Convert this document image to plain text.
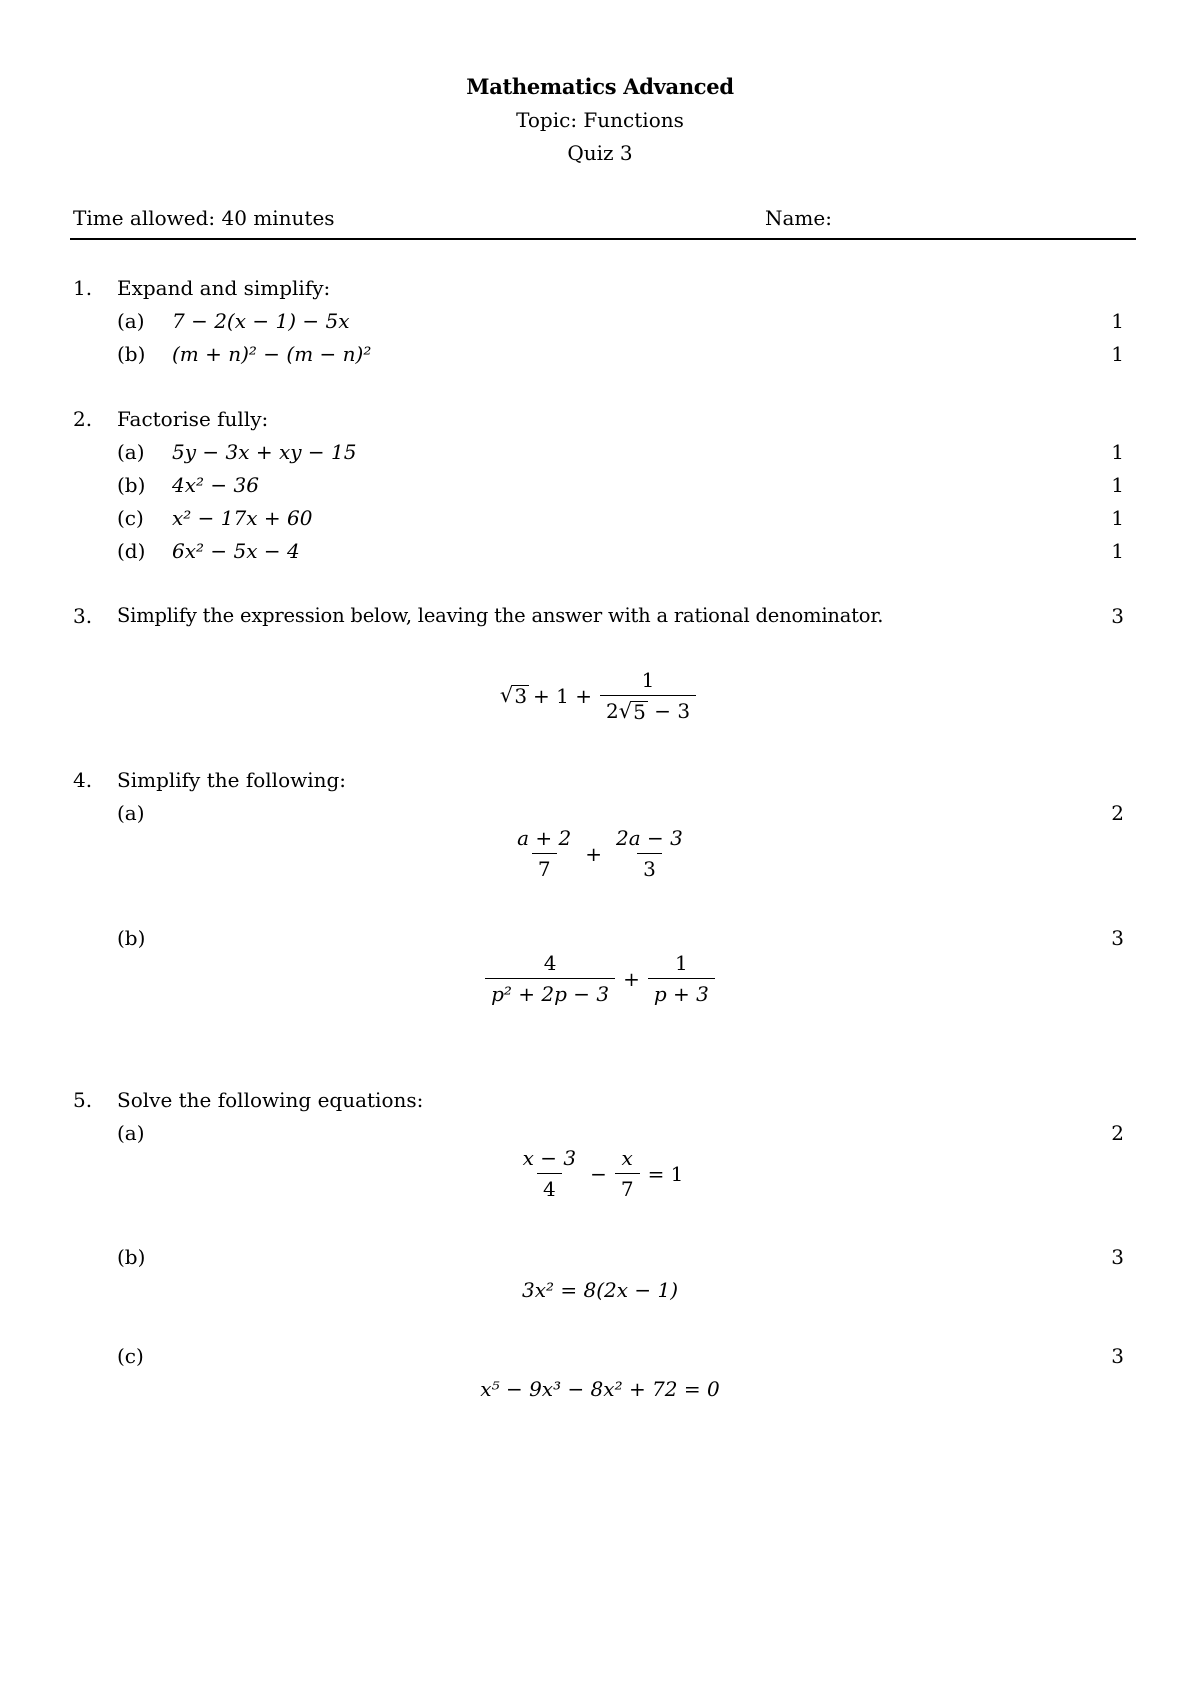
Mathematics Advanced
Topic: Functions
Quiz 3
Time allowed: 40 minutes	Name:
1. Expand and simplify:
(a) 7 − 2(x − 1) − 5x	1
(b) (m + n)² − (m − n)²	1
2. Factorise fully:
(a) 5y − 3x + xy − 15	1
(b) 4x² − 36	1
(c) x² − 17x + 60	1
(d) 6x² − 5x − 4	1
3. Simplify the expression below, leaving the answer with a rational denominator.	3
√ $3 + 1 + \frac{1}{2 √ 5 - 3}$
4. Simplify the following:
(a)	2
$\frac{a + 2}{7} + \frac{2a - 3}{3}$
(b)	3
$\frac{4}{\text{p² + 2p − 3}} + \frac{1}{p + 3}$
5. Solve the following equations:
(a)	2
$\frac{x - 3}{4} - \frac{x}{7} = 1$
(b)	3
3x² = 8(2x − 1)
(c)	3
x⁵ − 9x³ − 8x² + 72 = 0
